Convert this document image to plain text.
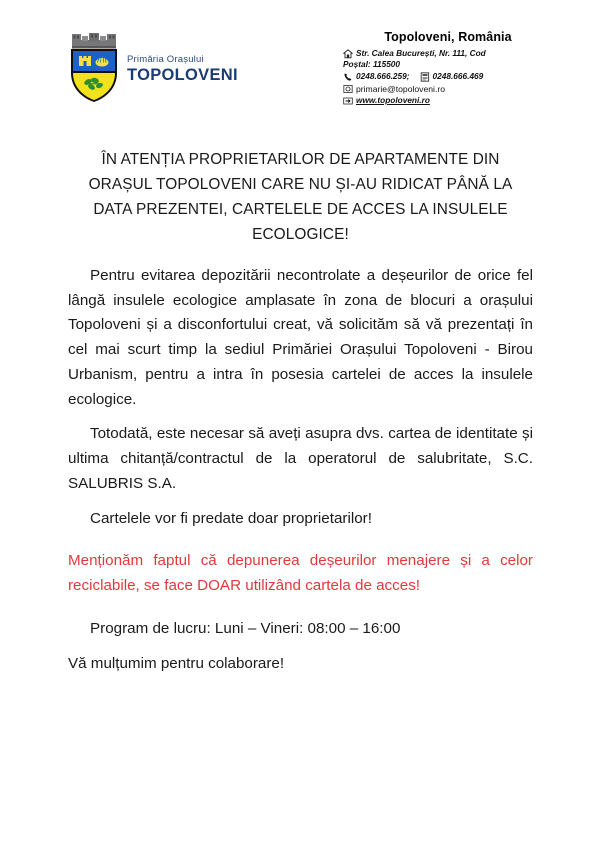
Primăria Orașului
TOPOLOVENI
Topoloveni, România
Str. Calea București, Nr. 111, Cod
Poștal: 115500
0248.666.259;	0248.666.469
primarie@topoloveni.ro
www.topoloveni.ro
ÎN ATENȚIA PROPRIETARILOR DE APARTAMENTE DIN ORAȘUL TOPOLOVENI CARE NU ȘI-AU RIDICAT PÂNĂ LA DATA PREZENTEI, CARTELELE DE ACCES LA INSULELE ECOLOGICE!

Pentru evitarea depozitării necontrolate a deșeurilor de orice fel lângă insulele ecologice amplasate în zona de blocuri a orașului Topoloveni și a disconfortului creat, vă solicităm să vă prezentați în cel mai scurt timp la sediul Primăriei Orașului Topoloveni - Birou Urbanism, pentru a intra în posesia cartelei de acces la insulele ecologice.

Totodată, este necesar să aveți asupra dvs. cartea de identitate și ultima chitanță/contractul de la operatorul de salubritate, S.C. SALUBRIS S.A.

Cartelele vor fi predate doar proprietarilor!

Menționăm faptul că depunerea deșeurilor menajere și a celor reciclabile, se face DOAR utilizând cartela de acces!

Program de lucru: Luni – Vineri: 08:00 – 16:00

Vă mulțumim pentru colaborare!
